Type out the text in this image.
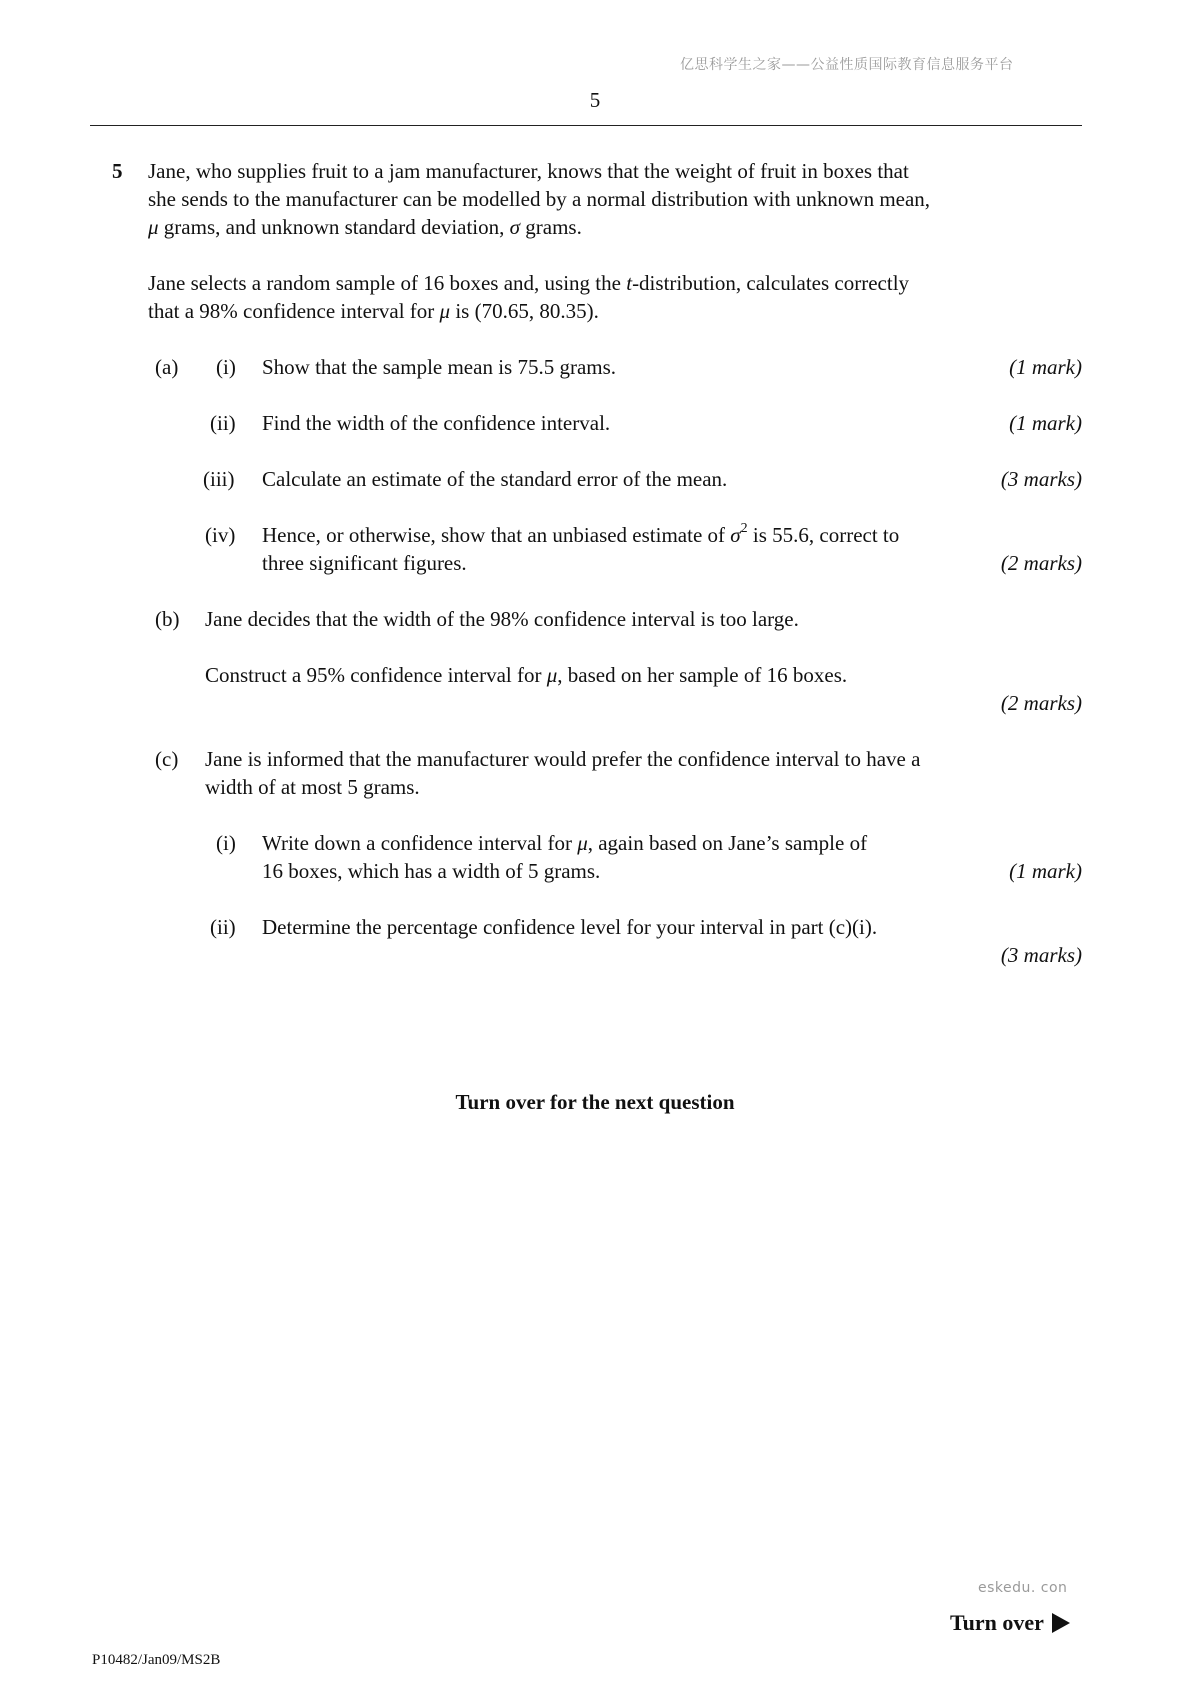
亿思科学生之家——公益性质国际教育信息服务平台
5
5 Jane, who supplies fruit to a jam manufacturer, knows that the weight of fruit in boxes that
she sends to the manufacturer can be modelled by a normal distribution with unknown mean,
μ grams, and unknown standard deviation, σ grams.
Jane selects a random sample of 16 boxes and, using the t-distribution, calculates correctly
that a 98% confidence interval for μ is (70.65, 80.35).
(a) (i) Show that the sample mean is 75.5 grams.	(1 mark)
(ii) Find the width of the confidence interval.	(1 mark)
(iii) Calculate an estimate of the standard error of the mean.	(3 marks)
(iv) Hence, or otherwise, show that an unbiased estimate of $\sigma^2$ is 55.6, correct to
three significant figures.	(2 marks)
(b) Jane decides that the width of the 98% confidence interval is too large.
Construct a 95% confidence interval for μ, based on her sample of 16 boxes.
(2 marks)
(c) Jane is informed that the manufacturer would prefer the confidence interval to have a
width of at most 5 grams.
(i) Write down a confidence interval for μ, again based on Jane’s sample of
16 boxes, which has a width of 5 grams.	(1 mark)
(ii) Determine the percentage confidence level for your interval in part (c)(i).
(3 marks)
Turn over for the next question
eskedu. con
Turn over
P10482/Jan09/MS2B
